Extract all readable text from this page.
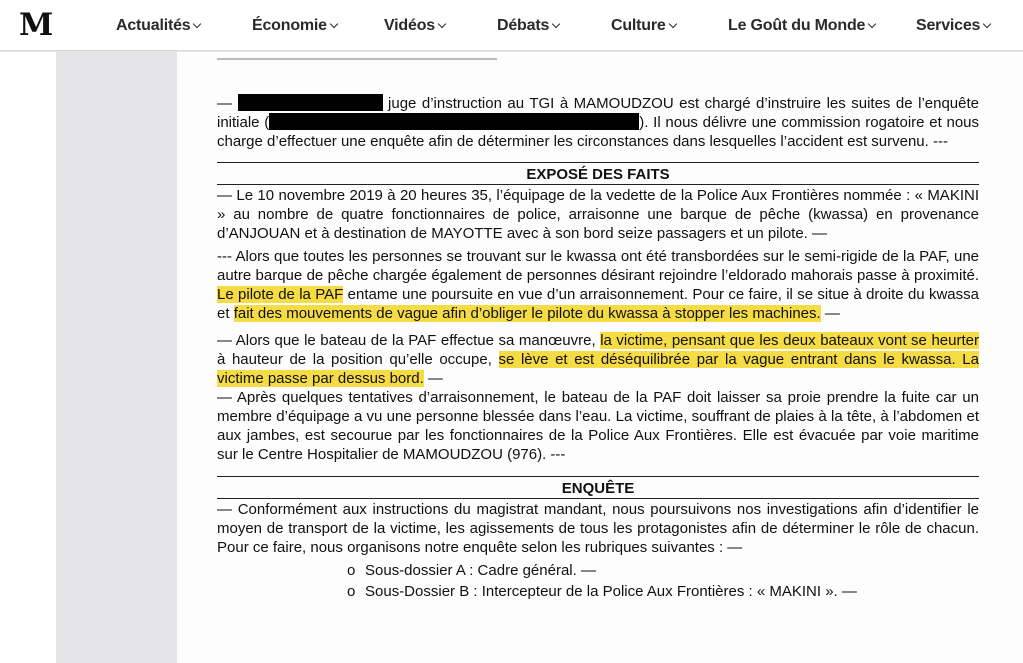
M	Actualités	Économie	Vidéos	Débats	Culture	Le Goût du Monde	Services

—	juge d’instruction au TGI à MAMOUDZOU est chargé d’instruire les suites de l’enquête initiale (	). Il nous délivre une commission rogatoire et nous charge d’effectuer une enquête afin de déterminer les circonstances dans lesquelles l’accident est survenu. ---

EXPOSÉ DES FAITS

— Le 10 novembre 2019 à 20 heures 35, l’équipage de la vedette de la Police Aux Frontières nommée : « MAKINI » au nombre de quatre fonctionnaires de police, arraisonne une barque de pêche (kwassa) en provenance d’ANJOUAN et à destination de MAYOTTE avec à son bord seize passagers et un pilote. —

--- Alors que toutes les personnes se trouvant sur le kwassa ont été transbordées sur le semi-rigide de la PAF, une autre barque de pêche chargée également de personnes désirant rejoindre l’eldorado mahorais passe à proximité. Le pilote de la PAF entame une poursuite en vue d’un arraisonnement. Pour ce faire, il se situe à droite du kwassa et fait des mouvements de vague afin d’obliger le pilote du kwassa à stopper les machines. —

— Alors que le bateau de la PAF effectue sa manœuvre, la victime, pensant que les deux bateaux vont se heurter à hauteur de la position qu’elle occupe, se lève et est déséquilibrée par la vague entrant dans le kwassa. La victime passe par dessus bord. —

— Après quelques tentatives d’arraisonnement, le bateau de la PAF doit laisser sa proie prendre la fuite car un membre d’équipage a vu une personne blessée dans l’eau. La victime, souffrant de plaies à la tête, à l’abdomen et aux jambes, est secourue par les fonctionnaires de la Police Aux Frontières. Elle est évacuée par voie maritime sur le Centre Hospitalier de MAMOUDZOU (976). ---

ENQUÊTE

— Conformément aux instructions du magistrat mandant, nous poursuivons nos investigations afin d’identifier le moyen de transport de la victime, les agissements de tous les protagonistes afin de déterminer le rôle de chacun. Pour ce faire, nous organisons notre enquête selon les rubriques suivantes : —

o Sous-dossier A : Cadre général. —

o Sous-Dossier B : Intercepteur de la Police Aux Frontières : « MAKINI ». —
